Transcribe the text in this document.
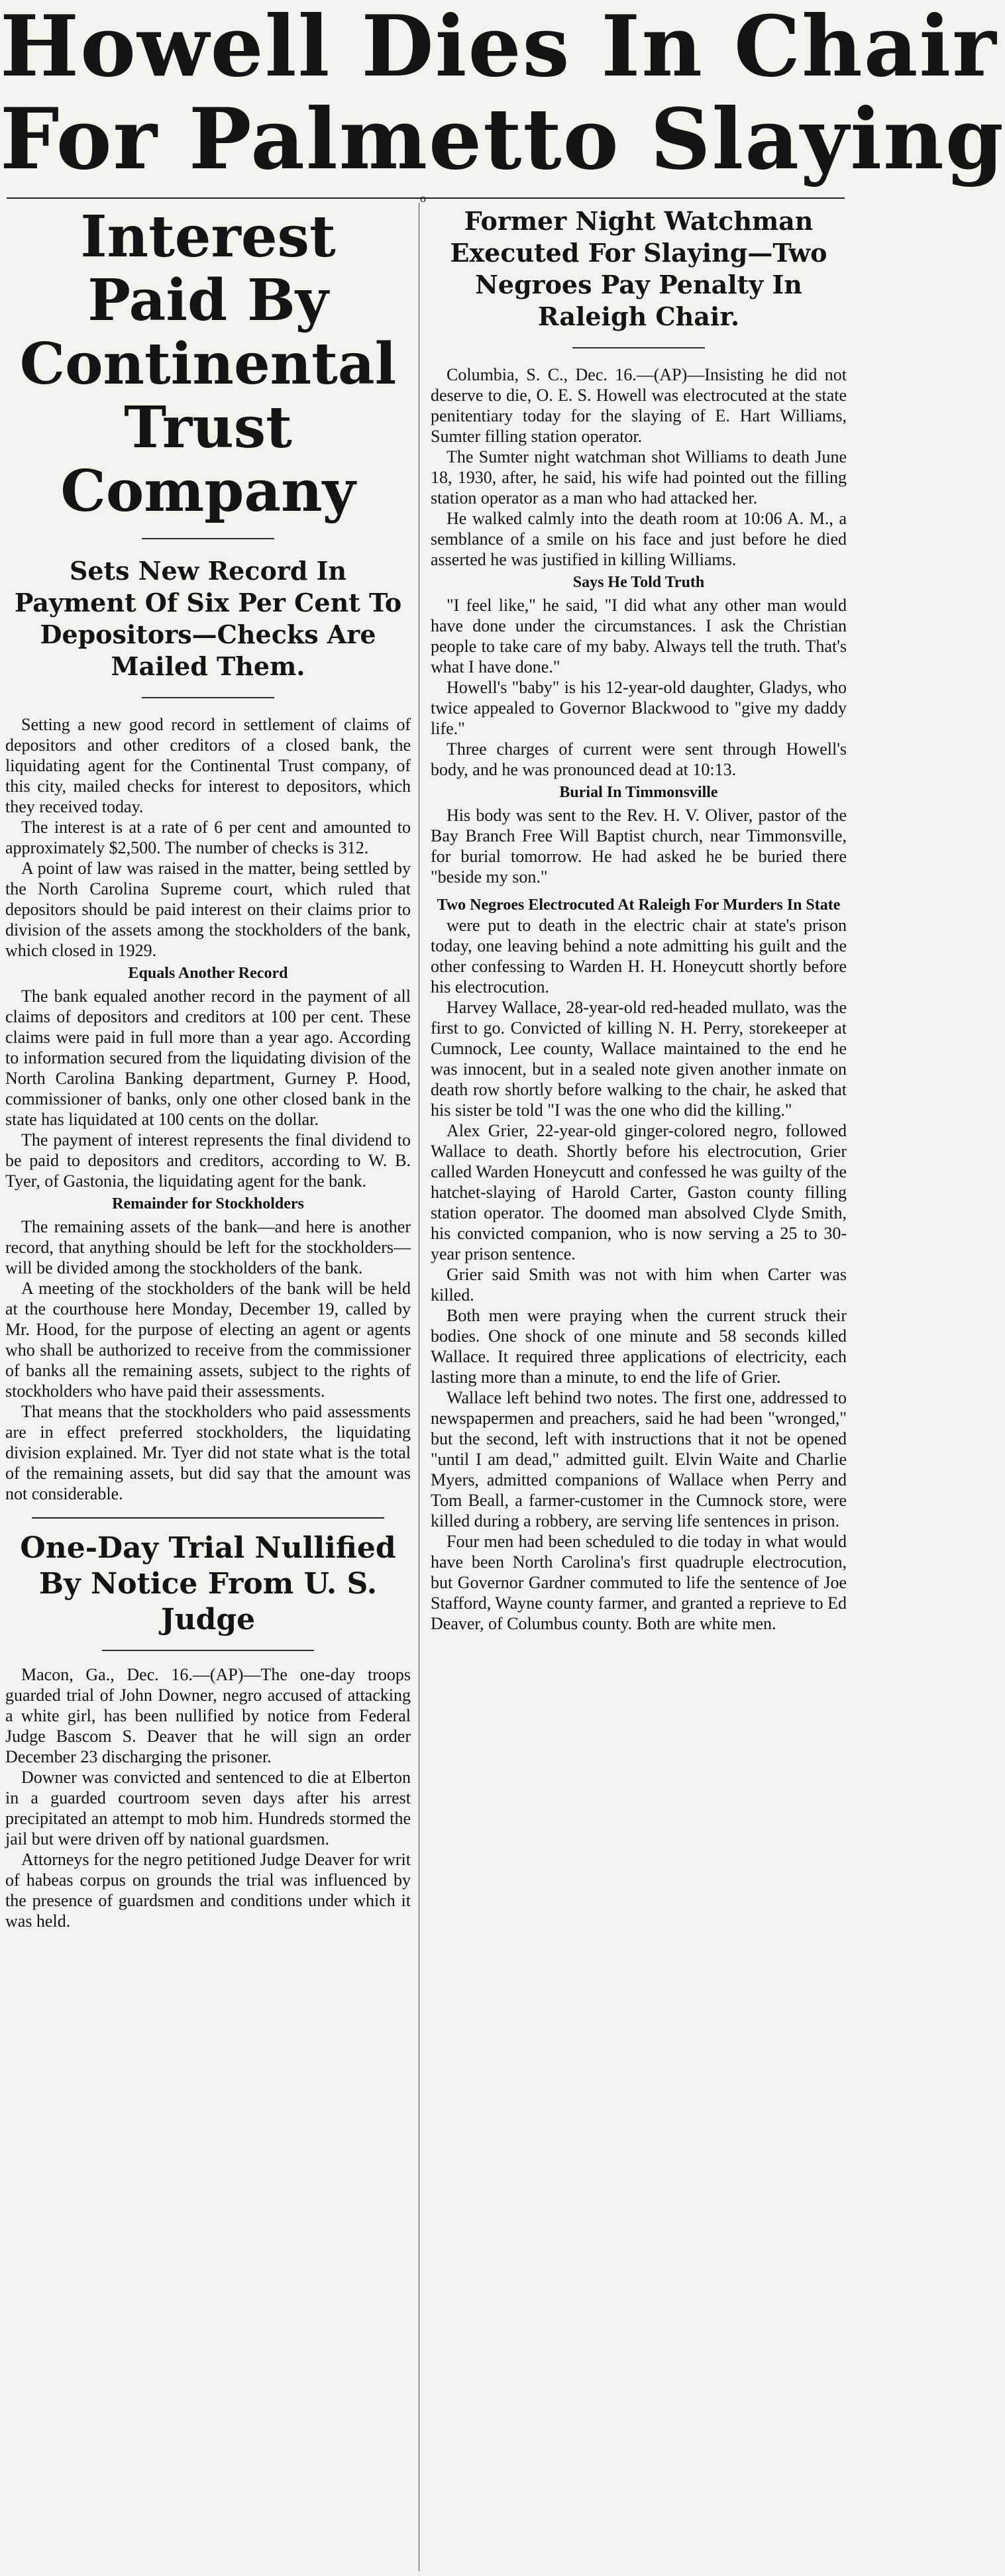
Howell Dies In Chair
For Palmetto Slaying
o
Interest Paid By Continental Trust Company
Sets New Record In Payment Of Six Per Cent To Depositors—Checks Are Mailed Them.

Setting a new good record in settlement of claims of depositors and other creditors of a closed bank, the liquidating agent for the Continental Trust company, of this city, mailed checks for interest to depositors, which they received today.

The interest is at a rate of 6 per cent and amounted to approximately $2,500. The number of checks is 312.

A point of law was raised in the matter, being settled by the North Carolina Supreme court, which ruled that depositors should be paid interest on their claims prior to division of the assets among the stockholders of the bank, which closed in 1929.

Equals Another Record

The bank equaled another record in the payment of all claims of depositors and creditors at 100 per cent. These claims were paid in full more than a year ago. According to information secured from the liquidating division of the North Carolina Banking department, Gurney P. Hood, commissioner of banks, only one other closed bank in the state has liquidated at 100 cents on the dollar.

The payment of interest represents the final dividend to be paid to depositors and creditors, according to W. B. Tyer, of Gastonia, the liquidating agent for the bank.

Remainder for Stockholders

The remaining assets of the bank—and here is another record, that anything should be left for the stockholders—will be divided among the stockholders of the bank.

A meeting of the stockholders of the bank will be held at the courthouse here Monday, December 19, called by Mr. Hood, for the purpose of electing an agent or agents who shall be authorized to receive from the commissioner of banks all the remaining assets, subject to the rights of stockholders who have paid their assessments.

That means that the stockholders who paid assessments are in effect preferred stockholders, the liquidating division explained. Mr. Tyer did not state what is the total of the remaining assets, but did say that the amount was not considerable.

One-Day Trial Nullified By Notice From U. S. Judge

Macon, Ga., Dec. 16.—(AP)—The one-day troops guarded trial of John Downer, negro accused of attacking a white girl, has been nullified by notice from Federal Judge Bascom S. Deaver that he will sign an order December 23 discharging the prisoner.

Downer was convicted and sentenced to die at Elberton in a guarded courtroom seven days after his arrest precipitated an attempt to mob him. Hundreds stormed the jail but were driven off by national guardsmen.

Attorneys for the negro petitioned Judge Deaver for writ of habeas corpus on grounds the trial was influenced by the presence of guardsmen and conditions under which it was held.

Former Night Watchman Executed For Slaying—Two Negroes Pay Penalty In Raleigh Chair.

Columbia, S. C., Dec. 16.—(AP)—Insisting he did not deserve to die, O. E. S. Howell was electrocuted at the state penitentiary today for the slaying of E. Hart Williams, Sumter filling station operator.

The Sumter night watchman shot Williams to death June 18, 1930, after, he said, his wife had pointed out the filling station operator as a man who had attacked her.

He walked calmly into the death room at 10:06 A. M., a semblance of a smile on his face and just before he died asserted he was justified in killing Williams.

Says He Told Truth

"I feel like," he said, "I did what any other man would have done under the circumstances. I ask the Christian people to take care of my baby. Always tell the truth. That's what I have done."

Howell's "baby" is his 12-year-old daughter, Gladys, who twice appealed to Governor Blackwood to "give my daddy life."

Three charges of current were sent through Howell's body, and he was pronounced dead at 10:13.

Burial In Timmonsville

His body was sent to the Rev. H. V. Oliver, pastor of the Bay Branch Free Will Baptist church, near Timmonsville, for burial tomorrow. He had asked he be buried there "beside my son."

Two Negroes Electrocuted At Raleigh For Murders In State

were put to death in the electric chair at state's prison today, one leaving behind a note admitting his guilt and the other confessing to Warden H. H. Honeycutt shortly before his electrocution.

Harvey Wallace, 28-year-old red-headed mullato, was the first to go. Convicted of killing N. H. Perry, storekeeper at Cumnock, Lee county, Wallace maintained to the end he was innocent, but in a sealed note given another inmate on death row shortly before walking to the chair, he asked that his sister be told "I was the one who did the killing."

Alex Grier, 22-year-old ginger-colored negro, followed Wallace to death. Shortly before his electrocution, Grier called Warden Honeycutt and confessed he was guilty of the hatchet-slaying of Harold Carter, Gaston county filling station operator. The doomed man absolved Clyde Smith, his convicted companion, who is now serving a 25 to 30-year prison sentence.

Grier said Smith was not with him when Carter was killed.

Both men were praying when the current struck their bodies. One shock of one minute and 58 seconds killed Wallace. It required three applications of electricity, each lasting more than a minute, to end the life of Grier.

Wallace left behind two notes. The first one, addressed to newspapermen and preachers, said he had been "wronged," but the second, left with instructions that it not be opened "until I am dead," admitted guilt. Elvin Waite and Charlie Myers, admitted companions of Wallace when Perry and Tom Beall, a farmer-customer in the Cumnock store, were killed during a robbery, are serving life sentences in prison.

Four men had been scheduled to die today in what would have been North Carolina's first quadruple electrocution, but Governor Gardner commuted to life the sentence of Joe Stafford, Wayne county farmer, and granted a reprieve to Ed Deaver, of Columbus county. Both are white men.
